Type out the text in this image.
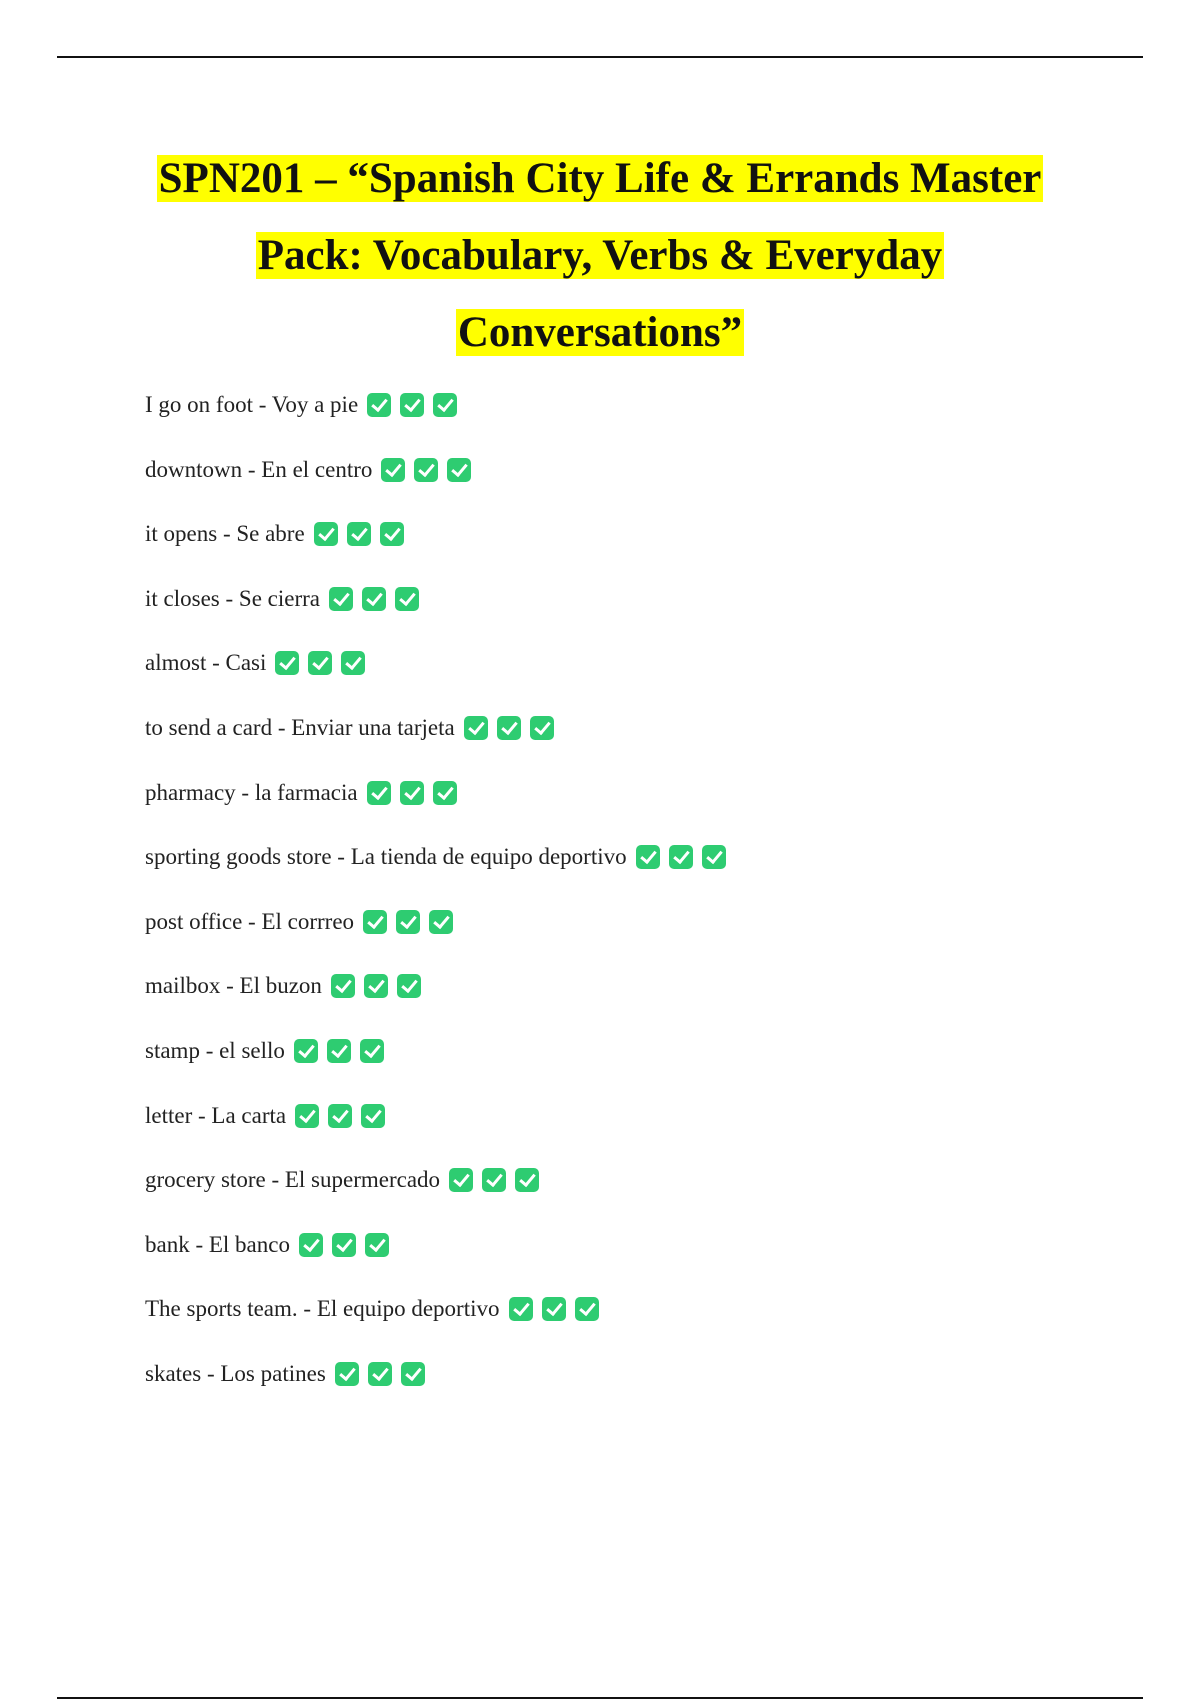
SPN201 – “Spanish City Life & Errands Master
Pack: Vocabulary, Verbs & Everyday
Conversations”
I go on foot - Voy a pie
downtown - En el centro
it opens - Se abre
it closes - Se cierra
almost - Casi
to send a card - Enviar una tarjeta
pharmacy - la farmacia
sporting goods store - La tienda de equipo deportivo
post office - El corrreo
mailbox - El buzon
stamp - el sello
letter - La carta
grocery store - El supermercado
bank - El banco
The sports team. - El equipo deportivo
skates - Los patines
